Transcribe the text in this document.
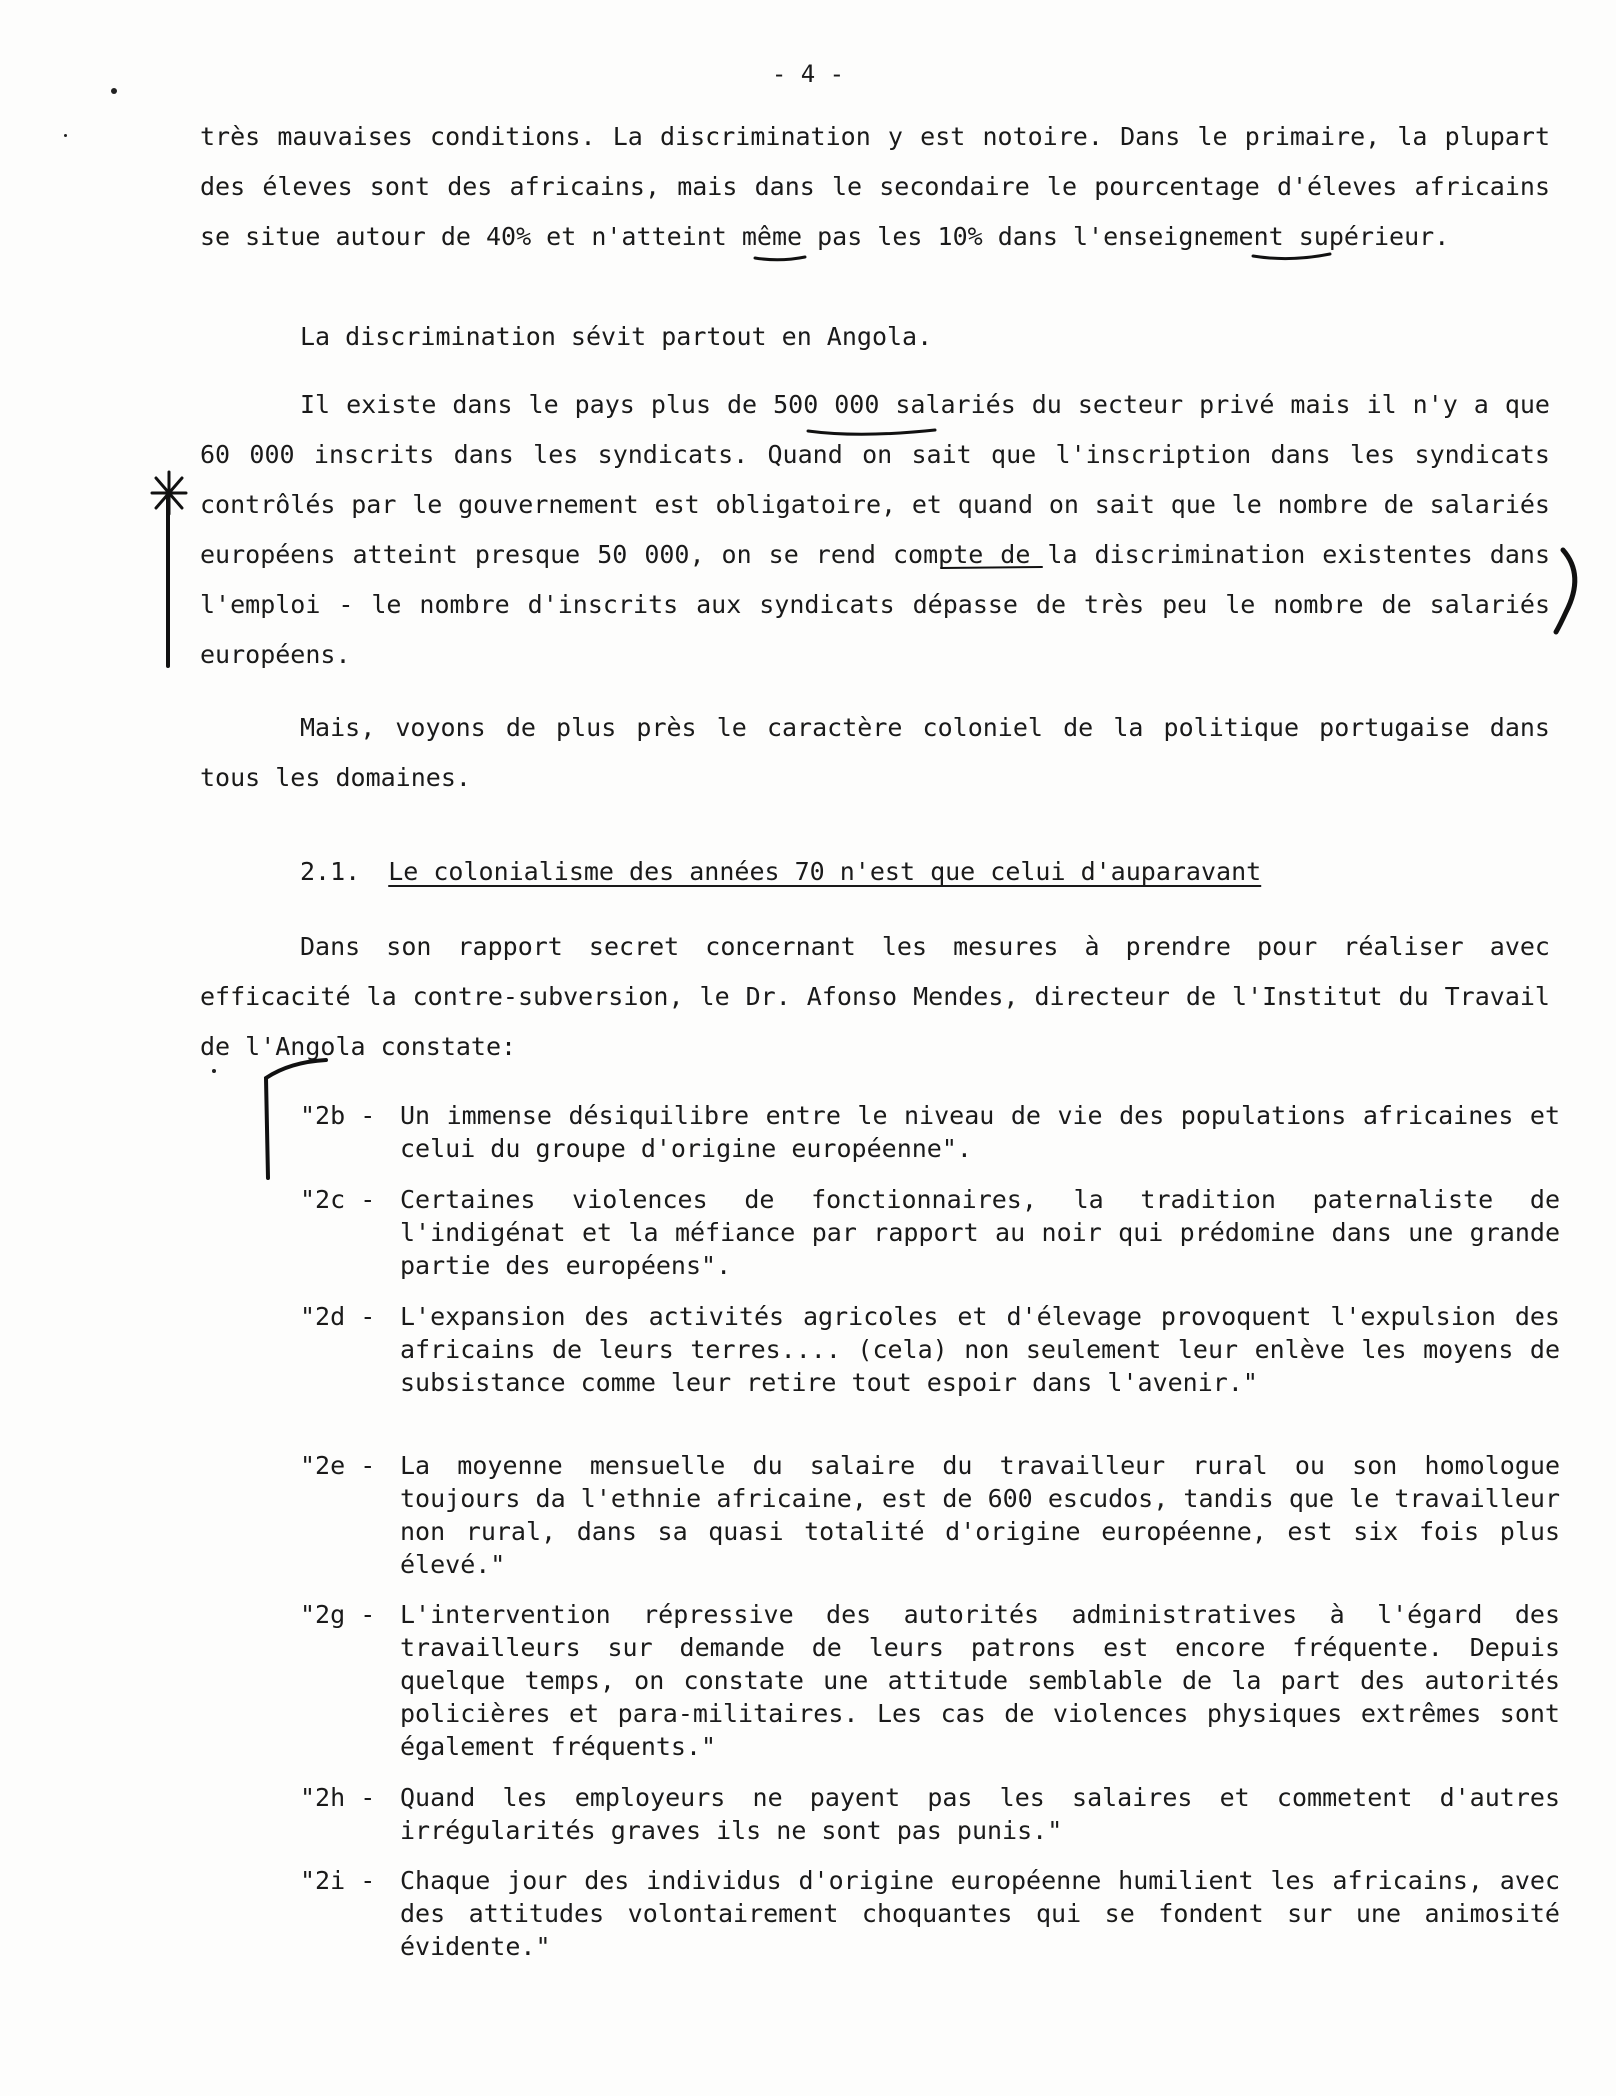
- 4 -
très mauvaises conditions. La discrimination y est notoire. Dans le primaire, la plupart des éleves sont des africains, mais dans le secondaire le pourcentage d'éleves africains se situe autour de 40% et n'atteint même pas les 10% dans l'enseignement supérieur.
La discrimination sévit partout en Angola.
Il existe dans le pays plus de 500 000 salariés du secteur privé mais il n'y a que 60 000 inscrits dans les syndicats. Quand on sait que l'inscription dans les syndicats contrôlés par le gouvernement est obligatoire, et quand on sait que le nombre de salariés européens atteint presque 50 000, on se rend compte de la discrimination existentes dans l'emploi - le nombre d'inscrits aux syndicats dépasse de très peu le nombre de salariés européens.
Mais, voyons de plus près le caractère coloniel de la politique portugaise dans tous les domaines.
2.1. Le colonialisme des années 70 n'est que celui d'auparavant
Dans son rapport secret concernant les mesures à prendre pour réaliser avec efficacité la contre-subversion, le Dr. Afonso Mendes, directeur de l'Institut du Travail de l'Angola constate:
"2b - Un immense désiquilibre entre le niveau de vie des populations africaines et celui du groupe d'origine européenne".
"2c - Certaines violences de fonctionnaires, la tradition paternaliste de l'indigénat et la méfiance par rapport au noir qui prédomine dans une grande partie des européens".
"2d - L'expansion des activités agricoles et d'élevage provoquent l'expulsion des africains de leurs terres.... (cela) non seulement leur enlève les moyens de subsistance comme leur retire tout espoir dans l'avenir."
"2e - La moyenne mensuelle du salaire du travailleur rural ou son homologue toujours da l'ethnie africaine, est de 600 escudos, tandis que le travailleur non rural, dans sa quasi totalité d'origine européenne, est six fois plus élevé."
"2g - L'intervention répressive des autorités administratives à l'égard des travailleurs sur demande de leurs patrons est encore fréquente. Depuis quelque temps, on constate une attitude semblable de la part des autorités policières et para-militaires. Les cas de violences physiques extrêmes sont également fréquents."
"2h - Quand les employeurs ne payent pas les salaires et commetent d'autres irrégularités graves ils ne sont pas punis."
"2i - Chaque jour des individus d'origine européenne humilient les africains, avec des attitudes volontairement choquantes qui se fondent sur une animosité évidente."
